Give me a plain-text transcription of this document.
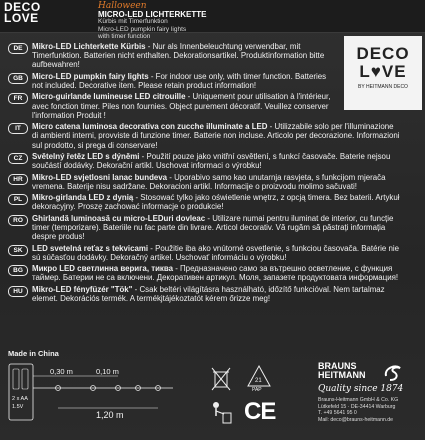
DECO
LOVE
Halloween
MICRO-LED LICHTERKETTE
Kürbis mit Timerfunktion
Micro-LED pumpkin fairy lights
with timer function
DECO
L♥VE
BY HEITMANN DECO
DE	Mikro-LED Lichterkette Kürbis - Nur als Innenbeleuchtung verwendbar, mit Timerfunktion. Batterien nicht enthalten. Dekorationsartikel. Produktinformation bitte aufbewahren!
GB	Micro-LED pumpkin fairy lights - For indoor use only, with timer function. Batteries not included. Decorative item. Please retain product information!
FR	Micro-guirlande lumineuse LED citrouille - Uniquement pour utilisation à l'intérieur, avec fonction timer. Piles non fournies. Object purement décoratif. Veuillez conserver l'information Produit !
IT	Micro catena luminosa decorativa con zucche illuminate a LED - Utilizzabile solo per l'illuminazione di ambienti interni, provviste di funzione timer. Batterie non incluse. Articolo per decorazione. Informazioni sul prodotto, si prega di conservare!
CZ	Světelný řetěz LED s dýněmi - Použití pouze jako vnitřní osvětlení, s funkcí časovače. Baterie nejsou součástí dodávky. Dekorační artikl. Uschovat informaci o výrobku!
HR	Mikro-LED svjetlosni lanac bundeva - Uporabivo samo kao unutarnja rasvjeta, s funkcijom mjerača vremena. Baterije nisu sadržane. Dekoracioni artikl. Informacije o proizvodu molimo sačuvati!
PL	Mikro-girlanda LED z dynią - Stosować tylko jako oświetlenie wnętrz, z opcją timera. Bez baterii. Artykuł dekoracyjny. Proszę zachować informacje o produkcie!
RO	Ghirlandă luminoasă cu micro-LEDuri dovleac - Utilizare numai pentru iluminat de interior, cu funcție timer (temporizare). Bateriile nu fac parte din livrare. Articol decorativ. Vă rugăm să păstrați informația despre produs!
SK	LED svetelná reťaz s tekvicami - Použitie iba ako vnútorné osvetlenie, s funkciou časovača. Batérie nie sú súčasťou dodávky. Dekoračný artikel. Uschovať informáciu o výrobku!
BG	Микро LED светлинна верига, тиква - Предназначено само за вътрешно осветление, с функция таймер. Батерии не са включени. Декоративен артикул. Моля, запазете продуктовата информация!
HU	Mikro-LED fényfüzér "Tök" - Csak beltéri világításra használható, időzítő funkcióval. Nem tartalmaz elemet. Dekorációs termék. A termékjtájékoztatót kérem őrizze meg!
Made in China
2 x AA
1.5V
0,30 m	0,10 m
1,20 m
21
PAP
CE
BRAUNS
HEITMANN
Quality since 1874
Brauns-Heitmann GmbH & Co. KG
Lütkefeld 15 · DE-34414 Warburg
T. +49 5641 95 0
Mail: deco@brauns-heitmann.de
